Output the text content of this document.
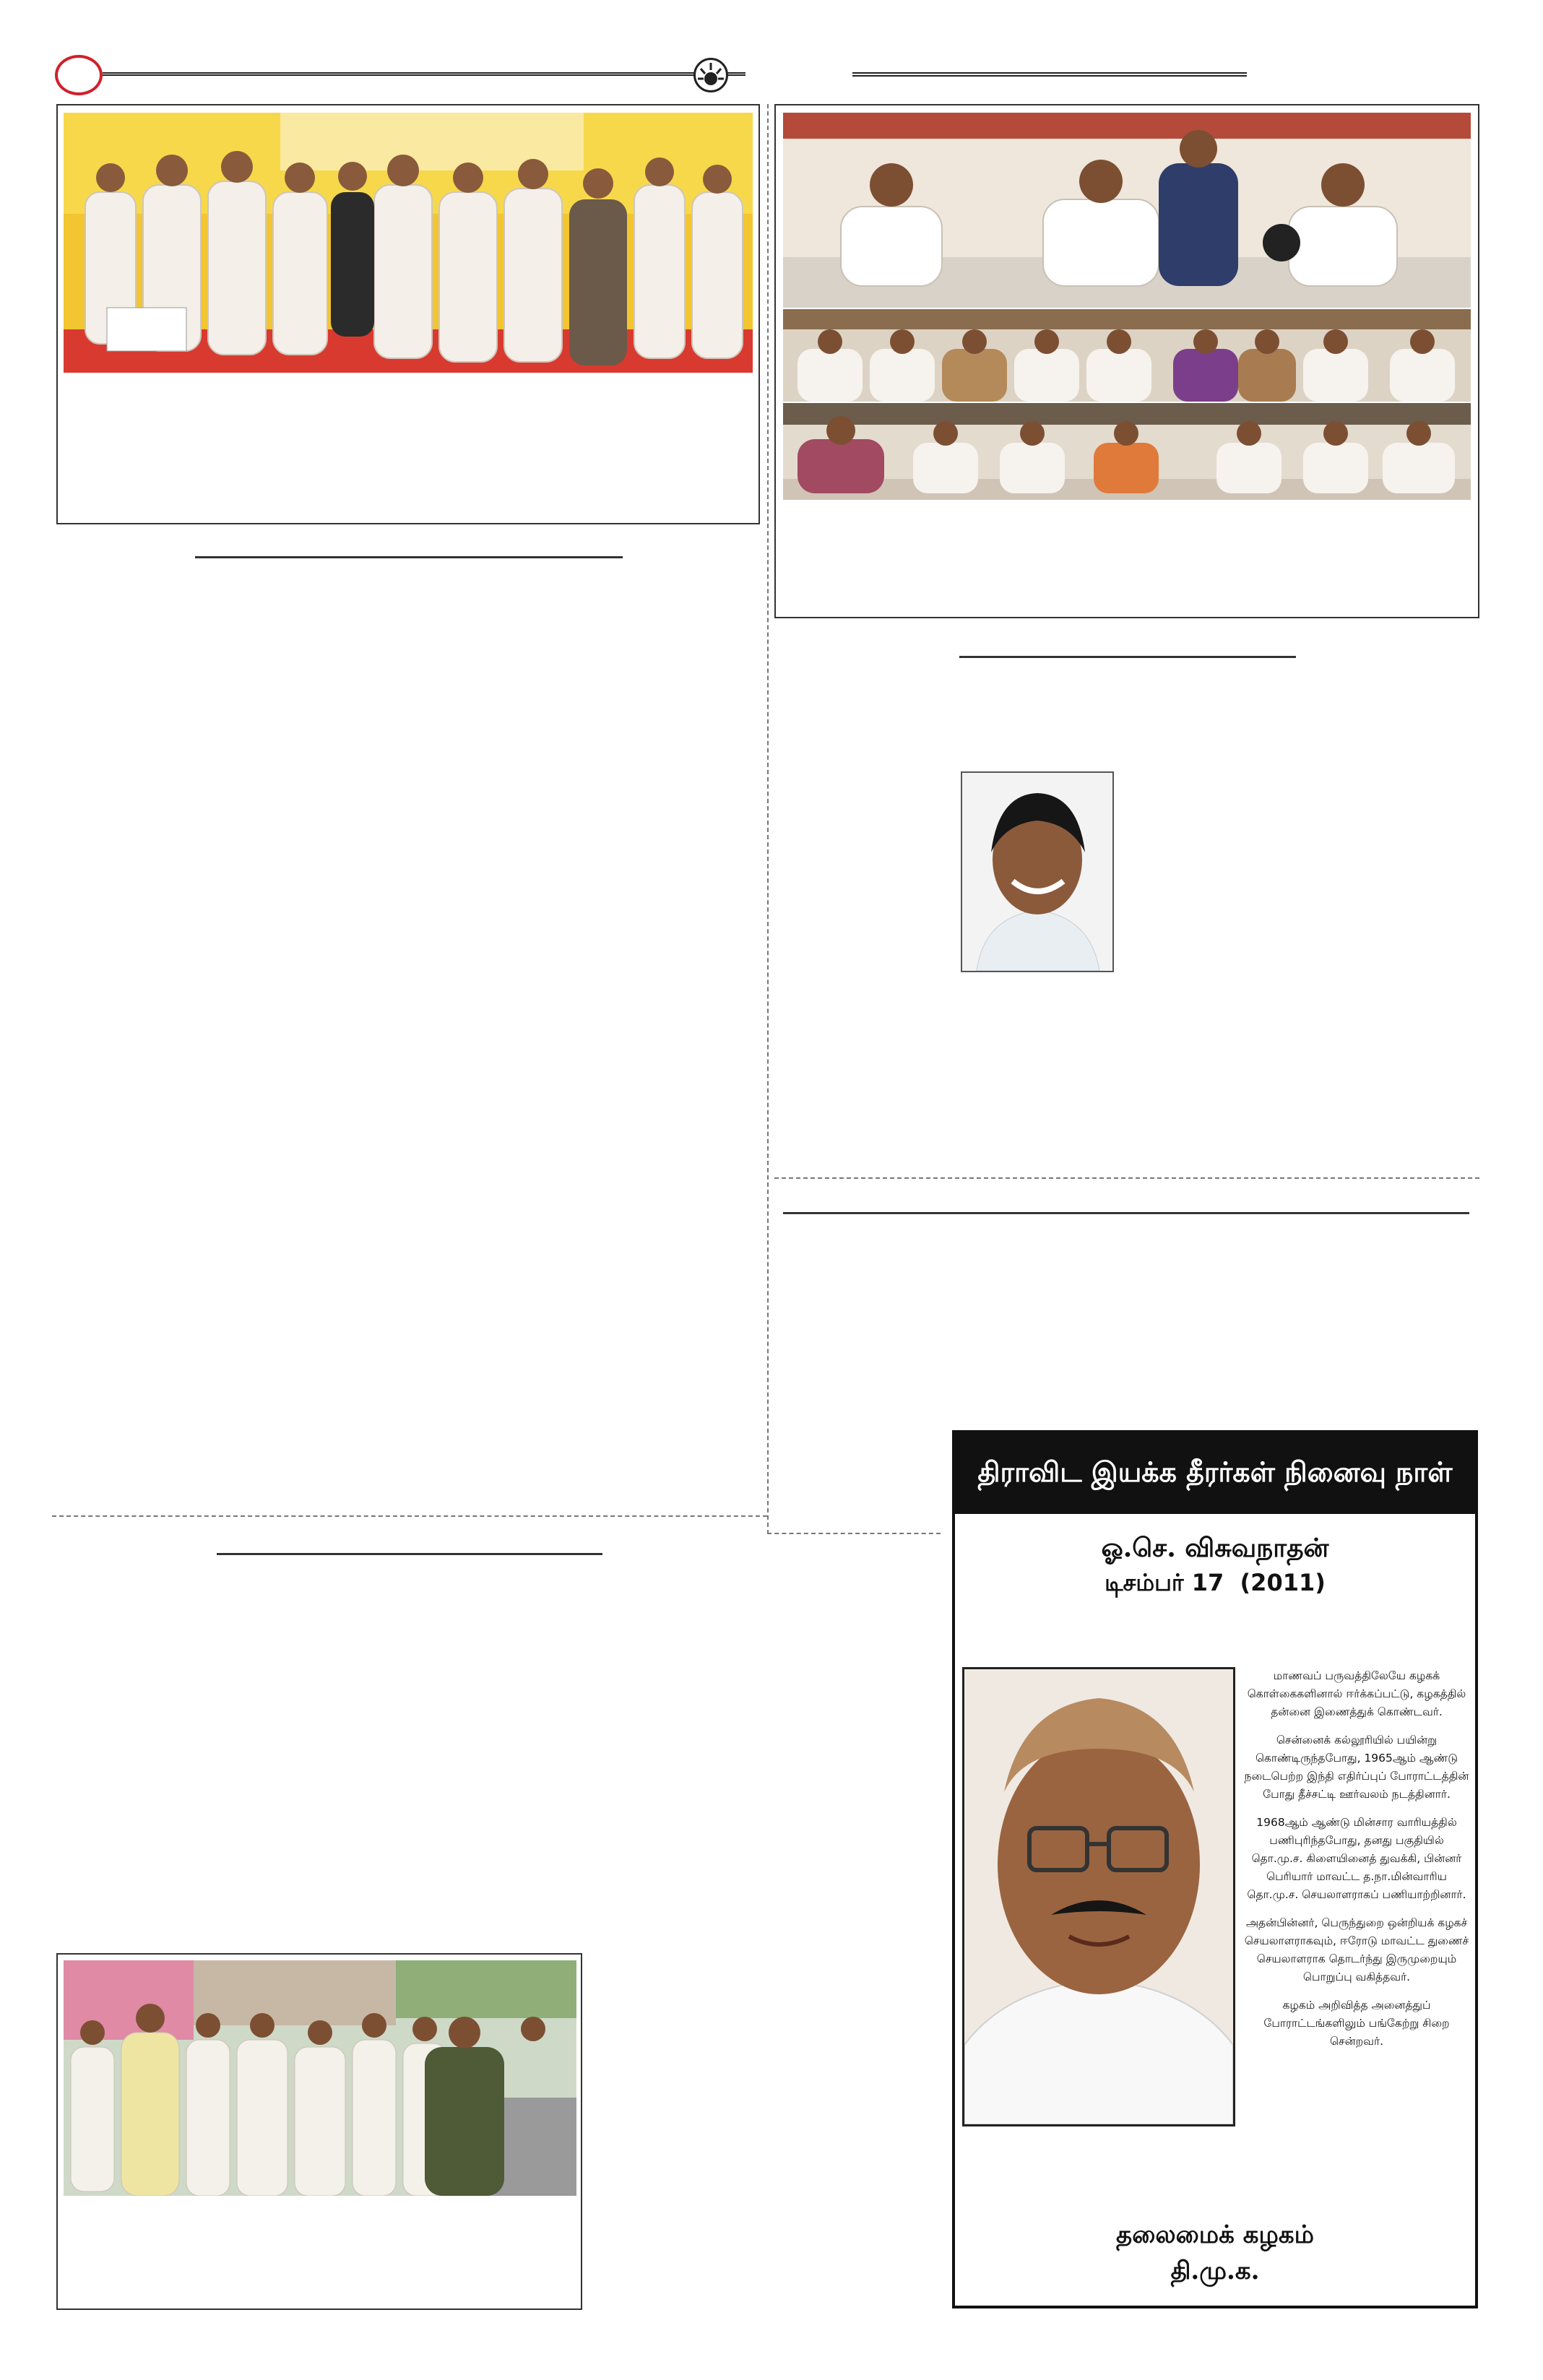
திராவிட இயக்க தீரர்கள் நினைவு நாள்
ஓ.செ. விசுவநாதன்
டிசம்பர் 17  (2011)

மாணவப் பருவத்திலேயே கழகக் கொள்கைகளினால் ஈர்க்கப்பட்டு, கழகத்தில் தன்னை இணைத்துக் கொண்டவர்.

சென்னைக் கல்லூரியில் பயின்று கொண்டிருந்தபோது, 1965ஆம் ஆண்டு நடைபெற்ற இந்தி எதிர்ப்புப் போராட்டத்தின் போது தீச்சட்டி ஊர்வலம் நடத்தினார்.

1968ஆம் ஆண்டு மின்சார வாரியத்தில் பணிபுரிந்தபோது, தனது பகுதியில் தொ.மு.ச. கிளையினைத் துவக்கி, பின்னர் பெரியார் மாவட்ட த.நா.மின்வாரிய தொ.மு.ச. செயலாளராகப் பணியாற்றினார்.

அதன்பின்னர், பெருந்துறை ஒன்றியக் கழகச் செயலாளராகவும், ஈரோடு மாவட்ட துணைச் செயலாளராக தொடர்ந்து இருமுறையும் பொறுப்பு வகித்தவர்.

கழகம் அறிவித்த அனைத்துப் போராட்டங்களிலும் பங்கேற்று சிறை சென்றவர்.

தலைமைக் கழகம்
தி.மு.க.
